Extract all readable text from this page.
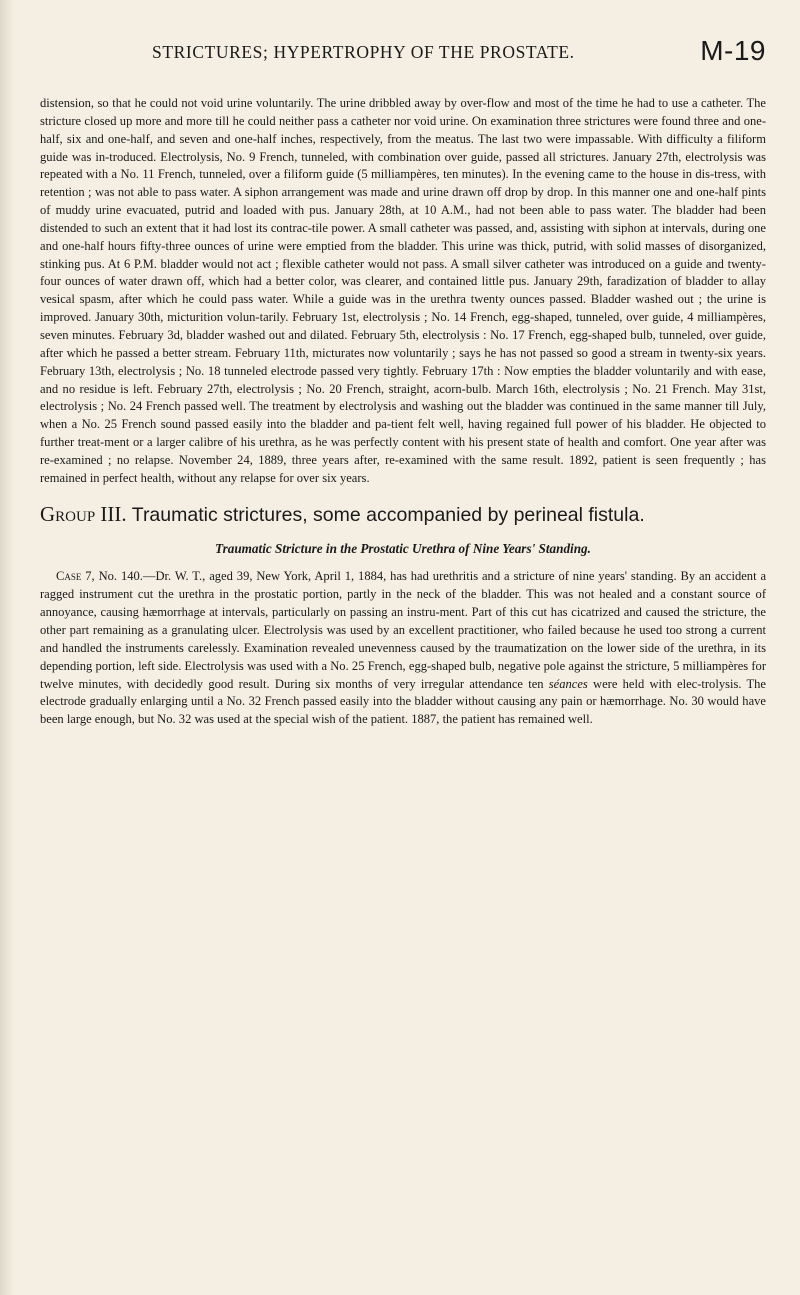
STRICTURES; HYPERTROPHY OF THE PROSTATE.	M-19

distension, so that he could not void urine voluntarily. The urine dribbled away by over-flow and most of the time he had to use a catheter. The stricture closed up more and more till he could neither pass a catheter nor void urine. On examination three strictures were found three and one-half, six and one-half, and seven and one-half inches, respectively, from the meatus. The last two were impassable. With difficulty a filiform guide was in-troduced. Electrolysis, No. 9 French, tunneled, with combination over guide, passed all strictures. January 27th, electrolysis was repeated with a No. 11 French, tunneled, over a filiform guide (5 milliampères, ten minutes). In the evening came to the house in dis-tress, with retention ; was not able to pass water. A siphon arrangement was made and urine drawn off drop by drop. In this manner one and one-half pints of muddy urine evacuated, putrid and loaded with pus. January 28th, at 10 A.M., had not been able to pass water. The bladder had been distended to such an extent that it had lost its contrac-tile power. A small catheter was passed, and, assisting with siphon at intervals, during one and one-half hours fifty-three ounces of urine were emptied from the bladder. This urine was thick, putrid, with solid masses of disorganized, stinking pus. At 6 P.M. bladder would not act ; flexible catheter would not pass. A small silver catheter was introduced on a guide and twenty-four ounces of water drawn off, which had a better color, was clearer, and contained little pus. January 29th, faradization of bladder to allay vesical spasm, after which he could pass water. While a guide was in the urethra twenty ounces passed. Bladder washed out ; the urine is improved. January 30th, micturition volun-tarily. February 1st, electrolysis ; No. 14 French, egg-shaped, tunneled, over guide, 4 milliampères, seven minutes. February 3d, bladder washed out and dilated. February 5th, electrolysis : No. 17 French, egg-shaped bulb, tunneled, over guide, after which he passed a better stream. February 11th, micturates now voluntarily ; says he has not passed so good a stream in twenty-six years. February 13th, electrolysis ; No. 18 tunneled electrode passed very tightly. February 17th : Now empties the bladder voluntarily and with ease, and no residue is left. February 27th, electrolysis ; No. 20 French, straight, acorn-bulb. March 16th, electrolysis ; No. 21 French. May 31st, electrolysis ; No. 24 French passed well. The treatment by electrolysis and washing out the bladder was continued in the same manner till July, when a No. 25 French sound passed easily into the bladder and pa-tient felt well, having regained full power of his bladder. He objected to further treat-ment or a larger calibre of his urethra, as he was perfectly content with his present state of health and comfort. One year after was re-examined ; no relapse. November 24, 1889, three years after, re-examined with the same result. 1892, patient is seen frequently ; has remained in perfect health, without any relapse for over six years.

Group III. Traumatic strictures, some accompanied by perineal fistula.
Traumatic Stricture in the Prostatic Urethra of Nine Years' Standing.
Case 7, No. 140.—Dr. W. T., aged 39, New York, April 1, 1884, has had urethritis and a stricture of nine years' standing. By an accident a ragged instrument cut the urethra in the prostatic portion, partly in the neck of the bladder. This was not healed and a constant source of annoyance, causing hæmorrhage at intervals, particularly on passing an instru-ment. Part of this cut has cicatrized and caused the stricture, the other part remaining as a granulating ulcer. Electrolysis was used by an excellent practitioner, who failed because he used too strong a current and handled the instruments carelessly. Examination revealed unevenness caused by the traumatization on the lower side of the urethra, in its depending portion, left side. Electrolysis was used with a No. 25 French, egg-shaped bulb, negative pole against the stricture, 5 milliampères for twelve minutes, with decidedly good result. During six months of very irregular attendance ten séances were held with elec-trolysis. The electrode gradually enlarging until a No. 32 French passed easily into the bladder without causing any pain or hæmorrhage. No. 30 would have been large enough, but No. 32 was used at the special wish of the patient. 1887, the patient has remained well.
